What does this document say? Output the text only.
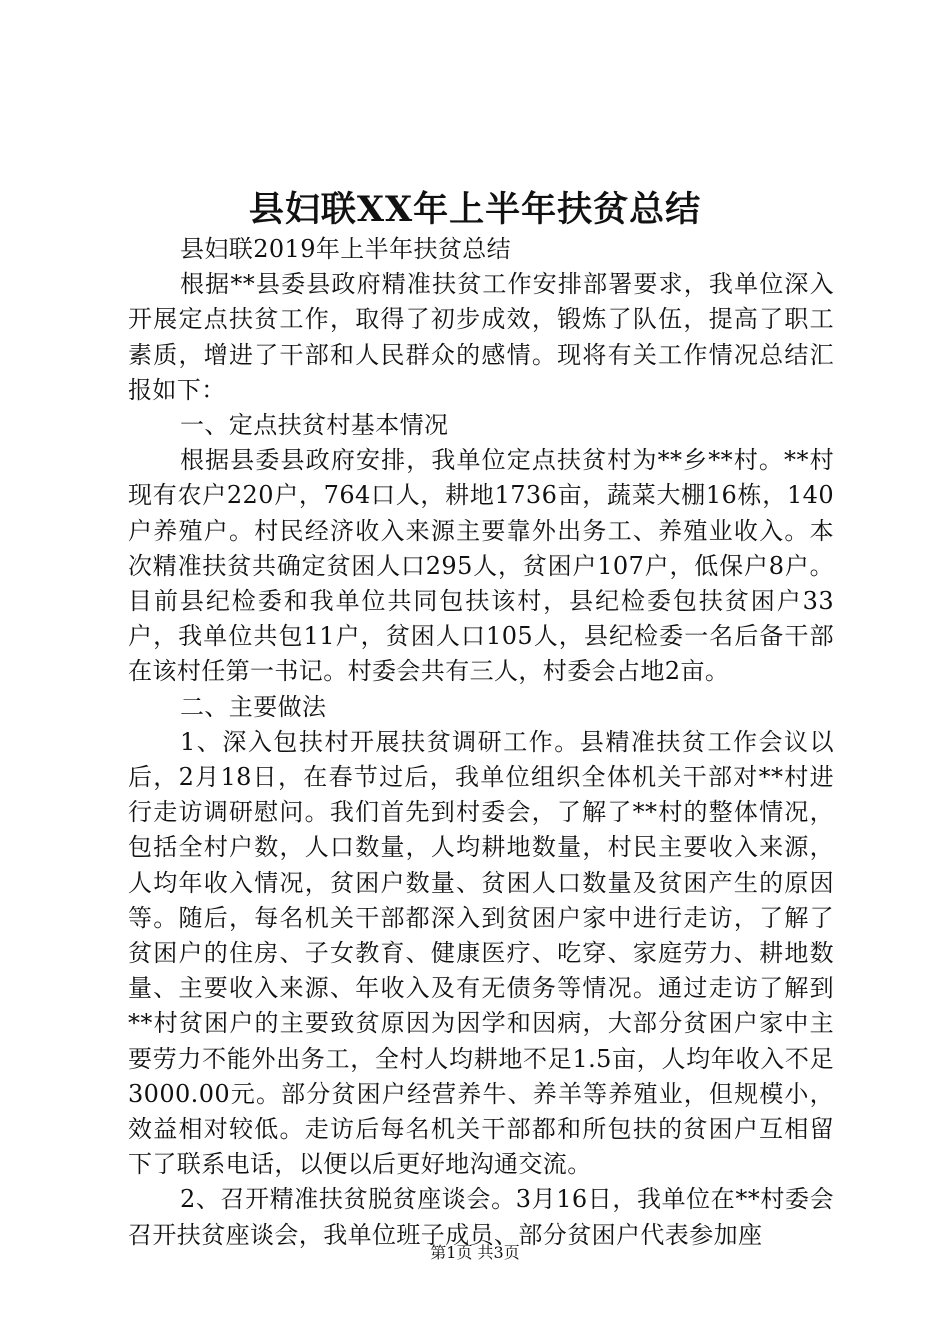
县妇联XX年上半年扶贫总结

县妇联2019年上半年扶贫总结

根据**县委县政府精准扶贫工作安排部署要求，我单位深入开展定点扶贫工作，取得了初步成效，锻炼了队伍，提高了职工素质，增进了干部和人民群众的感情。现将有关工作情况总结汇报如下：

一、定点扶贫村基本情况

根据县委县政府安排，我单位定点扶贫村为**乡**村。**村现有农户220户，764口人，耕地1736亩，蔬菜大棚16栋，140户养殖户。村民经济收入来源主要靠外出务工、养殖业收入。本次精准扶贫共确定贫困人口295人，贫困户107户，低保户8户。目前县纪检委和我单位共同包扶该村，县纪检委包扶贫困户33户，我单位共包11户，贫困人口105人，县纪检委一名后备干部在该村任第一书记。村委会共有三人，村委会占地2亩。

二、主要做法

1、深入包扶村开展扶贫调研工作。县精准扶贫工作会议以后，2月18日，在春节过后，我单位组织全体机关干部对**村进行走访调研慰问。我们首先到村委会，了解了**村的整体情况，包括全村户数，人口数量，人均耕地数量，村民主要收入来源，人均年收入情况，贫困户数量、贫困人口数量及贫困产生的原因等。随后，每名机关干部都深入到贫困户家中进行走访，了解了贫困户的住房、子女教育、健康医疗、吃穿、家庭劳力、耕地数量、主要收入来源、年收入及有无债务等情况。通过走访了解到**村贫困户的主要致贫原因为因学和因病，大部分贫困户家中主要劳力不能外出务工，全村人均耕地不足1.5亩，人均年收入不足3000.00元。部分贫困户经营养牛、养羊等养殖业，但规模小，效益相对较低。走访后每名机关干部都和所包扶的贫困户互相留下了联系电话，以便以后更好地沟通交流。

2、召开精准扶贫脱贫座谈会。3月16日，我单位在**村委会召开扶贫座谈会，我单位班子成员、部分贫困户代表参加座

第1页 共3页
